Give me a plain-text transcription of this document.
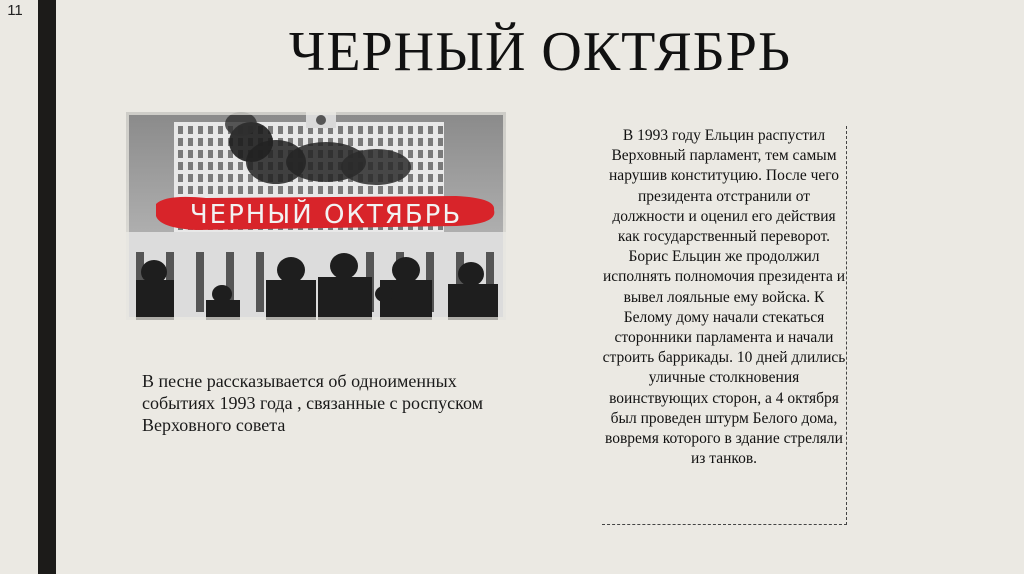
11
ЧЕРНЫЙ ОКТЯБРЬ
ЧЕРНЫЙ ОКТЯБРЬ
В песне рассказывается об одноименных событиях 1993 года , связанные с роспуском Верховного совета

В 1993 году Ельцин распустил Верховный парламент, тем самым нарушив конституцию. После чего президента отстранили от должности и оценил его действия как государственный переворот. Борис Ельцин же продолжил исполнять полномочия президента и вывел лояльные ему войска. К Белому дому начали стекаться сторонники парламента и начали строить баррикады. 10 дней длились уличные столкновения воинствующих сторон, а 4 октября был проведен штурм Белого дома, вовремя которого в здание стреляли из танков.
